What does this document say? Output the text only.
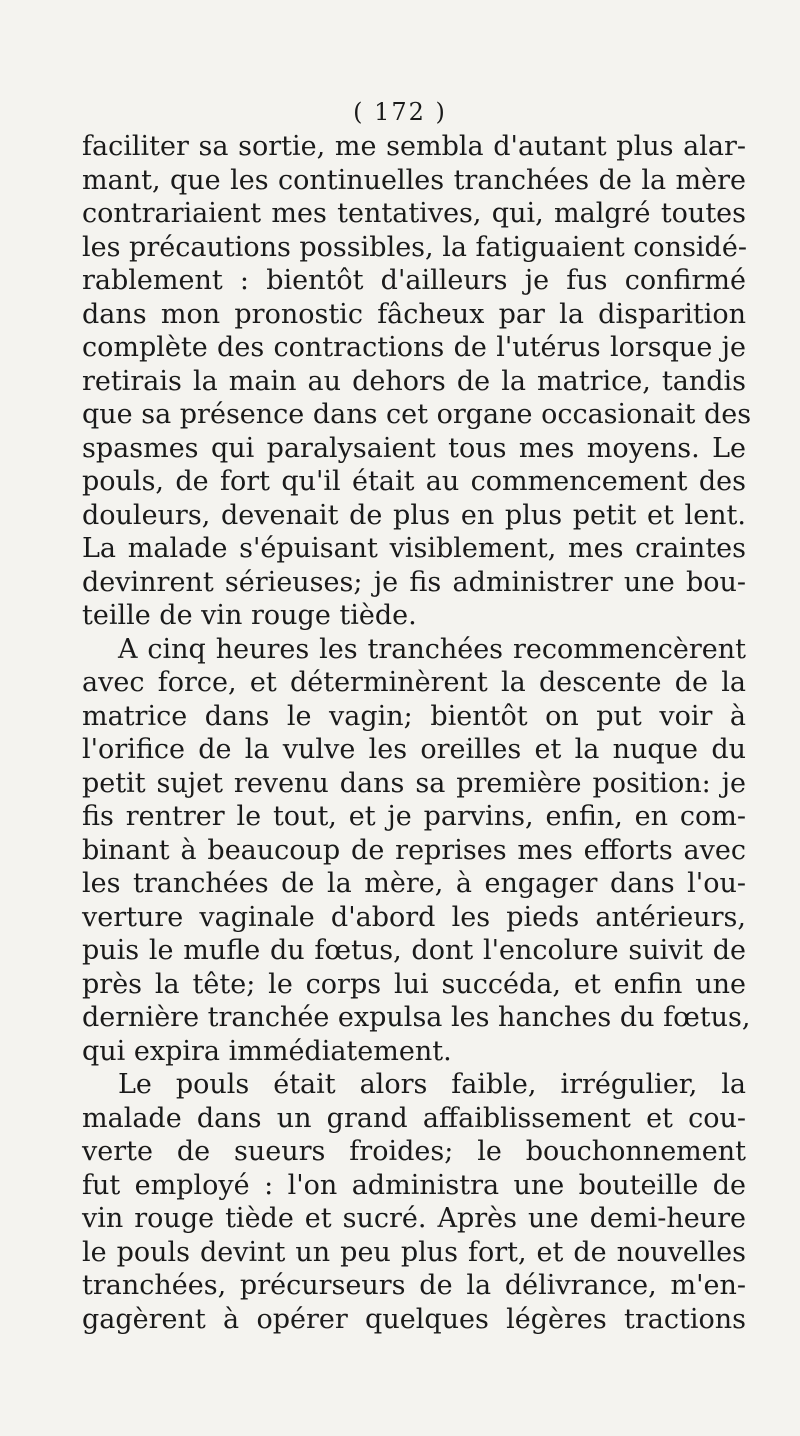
( 172 )
faciliter sa sortie, me sembla d'autant plus alar-
mant, que les continuelles tranchées de la mère
contrariaient mes tentatives, qui, malgré toutes
les précautions possibles, la fatiguaient considé-
rablement : bientôt d'ailleurs je fus confirmé
dans mon pronostic fâcheux par la disparition
complète des contractions de l'utérus lorsque je
retirais la main au dehors de la matrice, tandis
que sa présence dans cet organe occasionait des
spasmes qui paralysaient tous mes moyens. Le
pouls, de fort qu'il était au commencement des
douleurs, devenait de plus en plus petit et lent.
La malade s'épuisant visiblement, mes craintes
devinrent sérieuses; je fis administrer une bou-
teille de vin rouge tiède.
A cinq heures les tranchées recommencèrent
avec force, et déterminèrent la descente de la
matrice dans le vagin; bientôt on put voir à
l'orifice de la vulve les oreilles et la nuque du
petit sujet revenu dans sa première position: je
fis rentrer le tout, et je parvins, enfin, en com-
binant à beaucoup de reprises mes efforts avec
les tranchées de la mère, à engager dans l'ou-
verture vaginale d'abord les pieds antérieurs,
puis le mufle du fœtus, dont l'encolure suivit de
près la tête; le corps lui succéda, et enfin une
dernière tranchée expulsa les hanches du fœtus,
qui expira immédiatement.
Le pouls était alors faible, irrégulier, la
malade dans un grand affaiblissement et cou-
verte de sueurs froides; le bouchonnement
fut employé : l'on administra une bouteille de
vin rouge tiède et sucré. Après une demi-heure
le pouls devint un peu plus fort, et de nouvelles
tranchées, précurseurs de la délivrance, m'en-
gagèrent à opérer quelques légères tractions
